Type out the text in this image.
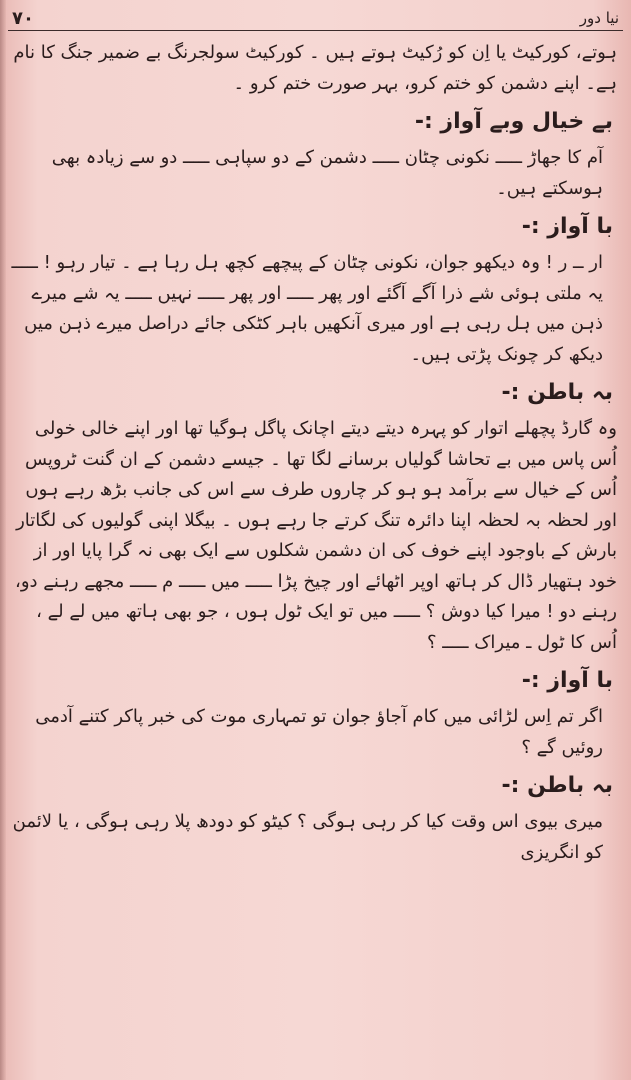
٧٠	نیا دور

ہوتے، کورکیٹ یا اِن کو رُکیٹ ہوتے ہیں ۔ کورکیٹ سولجرنگ بے ضمیر جنگ کا نام ہے۔ اپنے دشمن کو ختم کرو، بہر صورت ختم کرو ۔

بے خیال وبے آواز :-

آم کا جھاڑ ـــــ نکونی چٹان ـــــ دشمن کے دو سپاہی ـــــ دو سے زیادہ بھی ہوسکتے ہیں۔

با آواز :-

ار ــ ر ! وہ دیکھو جوان، نکونی چٹان کے پیچھے کچھ ہل رہا ہے ۔ تیار رہو ! ـــــ یہ ملتی ہوئی شے ذرا آگے آگئے اور پھر ـــــ اور پھر ـــــ نہیں ـــــ یہ شے میرے ذہن میں ہل رہی ہے اور میری آنکھیں باہر کٹکی جائے دراصل میرے ذہن میں دیکھ کر چونک پڑتی ہیں۔

بہ باطن :-

وہ گارڈ پچھلے اتوار کو پہرہ دیتے دیتے اچانک پاگل ہوگیا تھا اور اپنے خالی خولی اُس پاس میں بے تحاشا گولیاں برسانے لگا تھا ۔ جیسے دشمن کے ان گنت ٹروپس اُس کے خیال سے برآمد ہو ہو کر چاروں طرف سے اس کی جانب بڑھ رہے ہوں اور لحظہ بہ لحظہ اپنا دائرہ تنگ کرتے جا رہے ہوں ۔ بیگلا اپنی گولیوں کی لگاتار بارش کے باوجود اپنے خوف کی ان دشمن شکلوں سے ایک بھی نہ گرا پایا اور از خود ہتھیار ڈال کر ہاتھ اوپر اٹھائے اور چیخ پڑا ـــــ میں ـــــ م ـــــ مجھے رہنے دو، رہنے دو ! میرا کیا دوش ؟ ـــــ میں تو ایک ٹول ہوں ، جو بھی ہاتھ میں لے لے ، اُس کا ٹول ـ میراک ـــــ ؟

با آواز :-

اگر تم اِس لڑائی میں کام آجاؤ جوان تو تمہاری موت کی خبر پاکر کتنے آدمی روئیں گے ؟

بہ باطن :-

میری بیوی اس وقت کیا کر رہی ہوگی ؟ کیٹو کو دودھ پلا رہی ہوگی ، یا لائمن کو انگریزی
